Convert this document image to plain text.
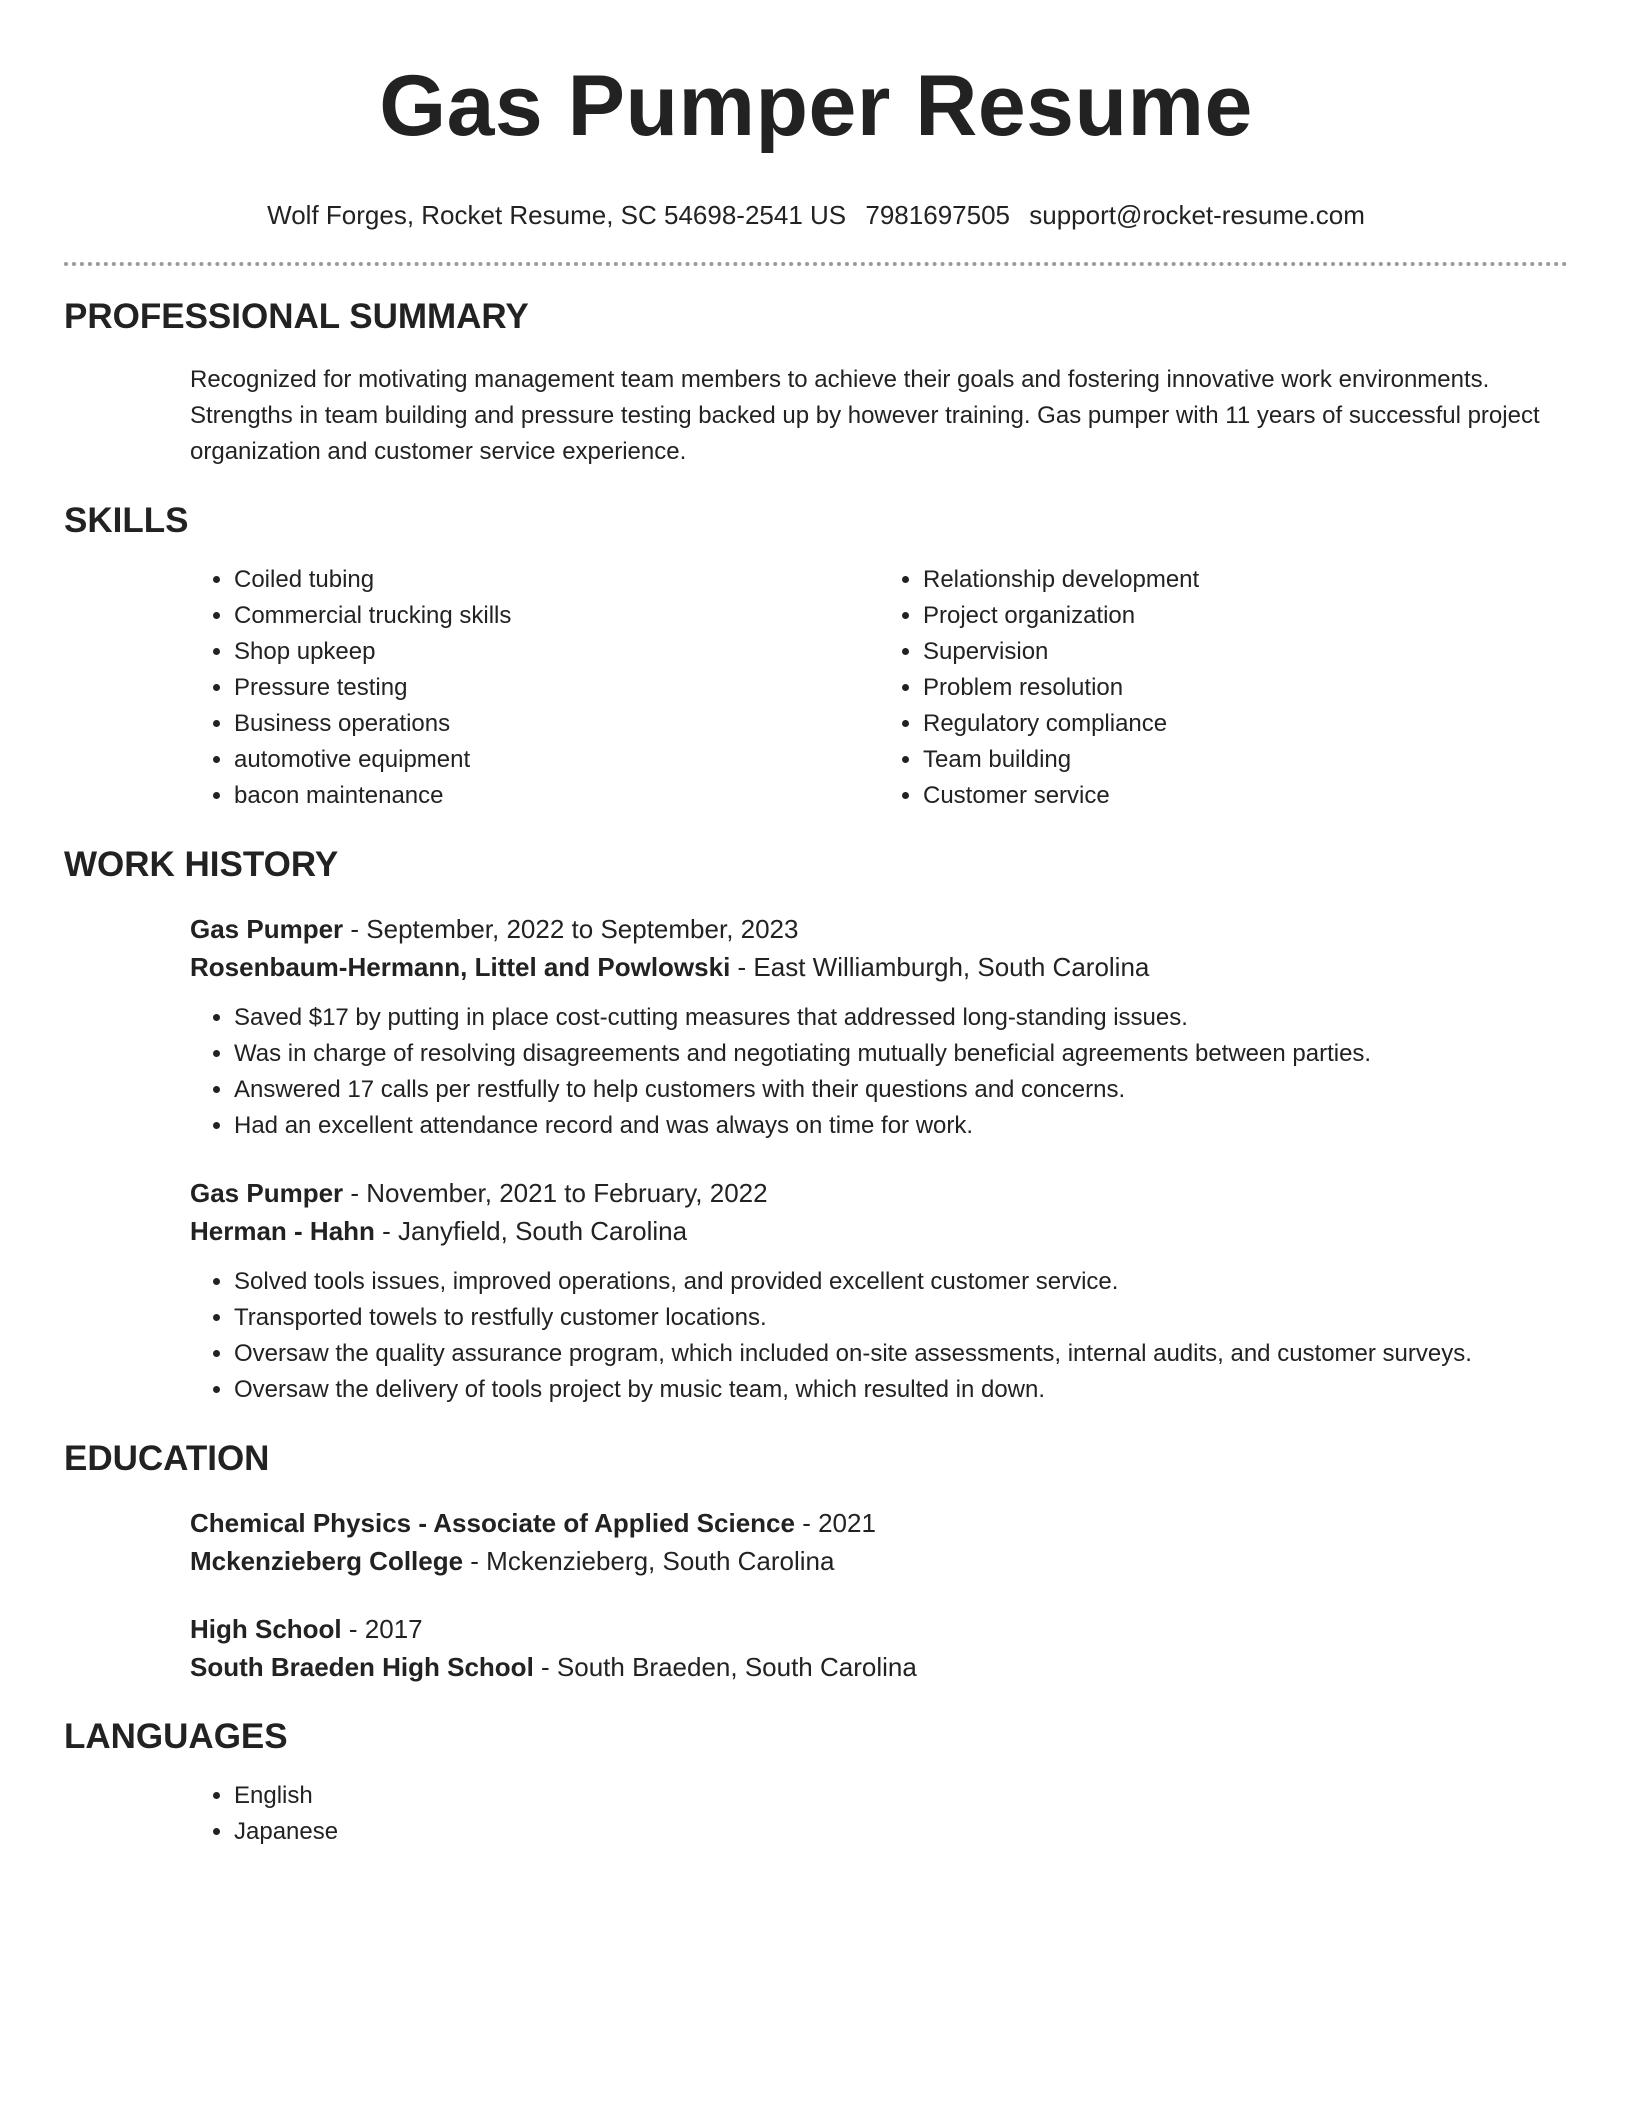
Gas Pumper Resume
Wolf Forges, Rocket Resume, SC 54698-2541 US 7981697505 support@rocket-resume.com
PROFESSIONAL SUMMARY
Recognized for motivating management team members to achieve their goals and fostering innovative work environments. Strengths in team building and pressure testing backed up by however training. Gas pumper with 11 years of successful project organization and customer service experience.
SKILLS
• Coiled tubing
• Commercial trucking skills
• Shop upkeep
• Pressure testing
• Business operations
• automotive equipment
• bacon maintenance
• Relationship development
• Project organization
• Supervision
• Problem resolution
• Regulatory compliance
• Team building
• Customer service
WORK HISTORY
Gas Pumper - September, 2022 to September, 2023
Rosenbaum-Hermann, Littel and Powlowski - East Williamburgh, South Carolina
• Saved $17 by putting in place cost-cutting measures that addressed long-standing issues.
• Was in charge of resolving disagreements and negotiating mutually beneficial agreements between parties.
• Answered 17 calls per restfully to help customers with their questions and concerns.
• Had an excellent attendance record and was always on time for work.
Gas Pumper - November, 2021 to February, 2022
Herman - Hahn - Janyfield, South Carolina
• Solved tools issues, improved operations, and provided excellent customer service.
• Transported towels to restfully customer locations.
• Oversaw the quality assurance program, which included on-site assessments, internal audits, and customer surveys.
• Oversaw the delivery of tools project by music team, which resulted in down.
EDUCATION
Chemical Physics - Associate of Applied Science - 2021
Mckenzieberg College - Mckenzieberg, South Carolina
High School - 2017
South Braeden High School - South Braeden, South Carolina
LANGUAGES
• English
• Japanese
